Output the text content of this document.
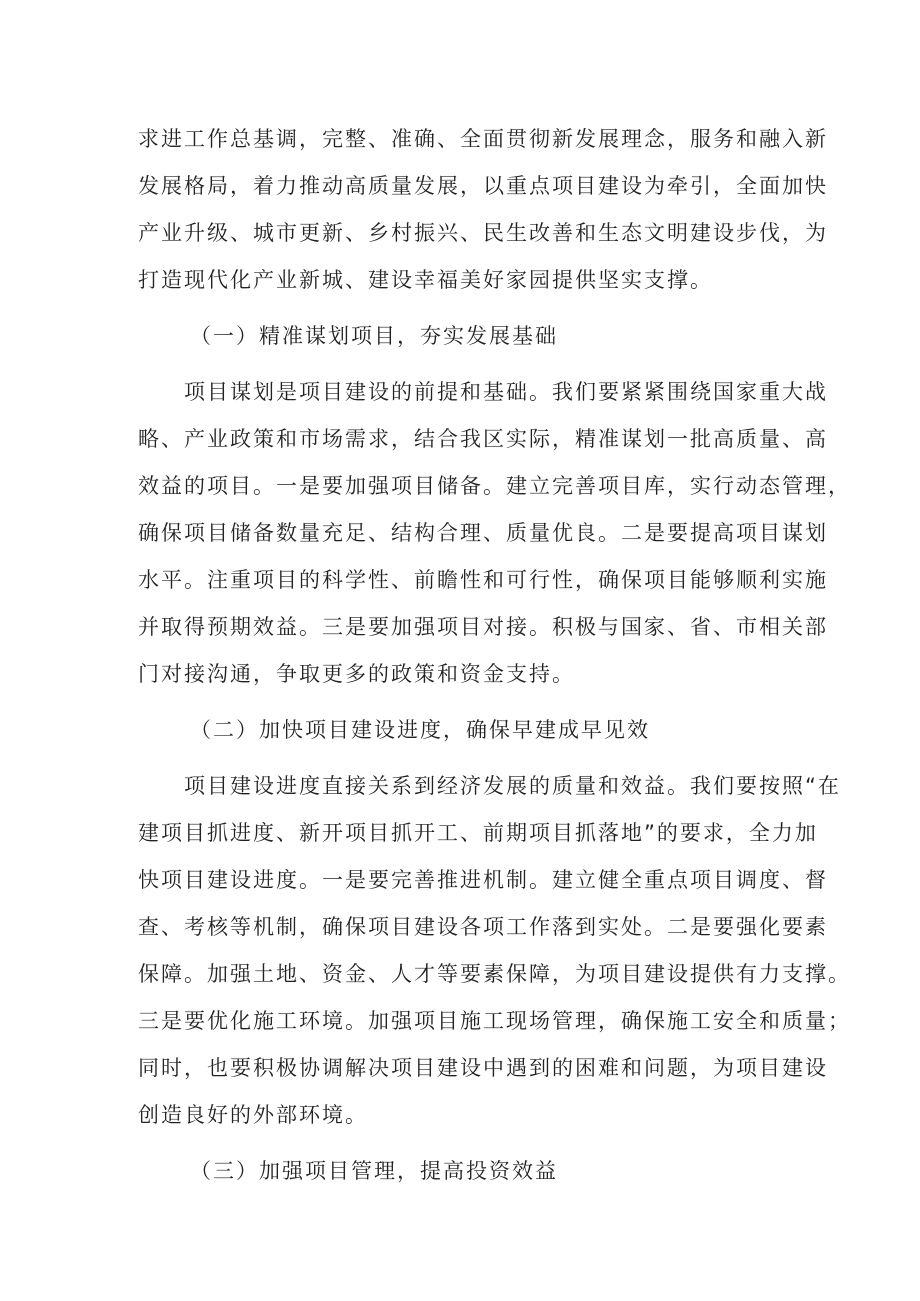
求进工作总基调，完整、准确、全面贯彻新发展理念，服务和融入新
发展格局，着力推动高质量发展，以重点项目建设为牵引，全面加快
产业升级、城市更新、乡村振兴、民生改善和生态文明建设步伐，为
打造现代化产业新城、建设幸福美好家园提供坚实支撑。
（一）精准谋划项目，夯实发展基础
项目谋划是项目建设的前提和基础。我们要紧紧围绕国家重大战
略、产业政策和市场需求，结合我区实际，精准谋划一批高质量、高
效益的项目。一是要加强项目储备。建立完善项目库，实行动态管理，
确保项目储备数量充足、结构合理、质量优良。二是要提高项目谋划
水平。注重项目的科学性、前瞻性和可行性，确保项目能够顺利实施
并取得预期效益。三是要加强项目对接。积极与国家、省、市相关部
门对接沟通，争取更多的政策和资金支持。
（二）加快项目建设进度，确保早建成早见效
项目建设进度直接关系到经济发展的质量和效益。我们要按照“在
建项目抓进度、新开项目抓开工、前期项目抓落地”的要求，全力加
快项目建设进度。一是要完善推进机制。建立健全重点项目调度、督
查、考核等机制，确保项目建设各项工作落到实处。二是要强化要素
保障。加强土地、资金、人才等要素保障，为项目建设提供有力支撑。
三是要优化施工环境。加强项目施工现场管理，确保施工安全和质量；
同时，也要积极协调解决项目建设中遇到的困难和问题，为项目建设
创造良好的外部环境。
（三）加强项目管理，提高投资效益
